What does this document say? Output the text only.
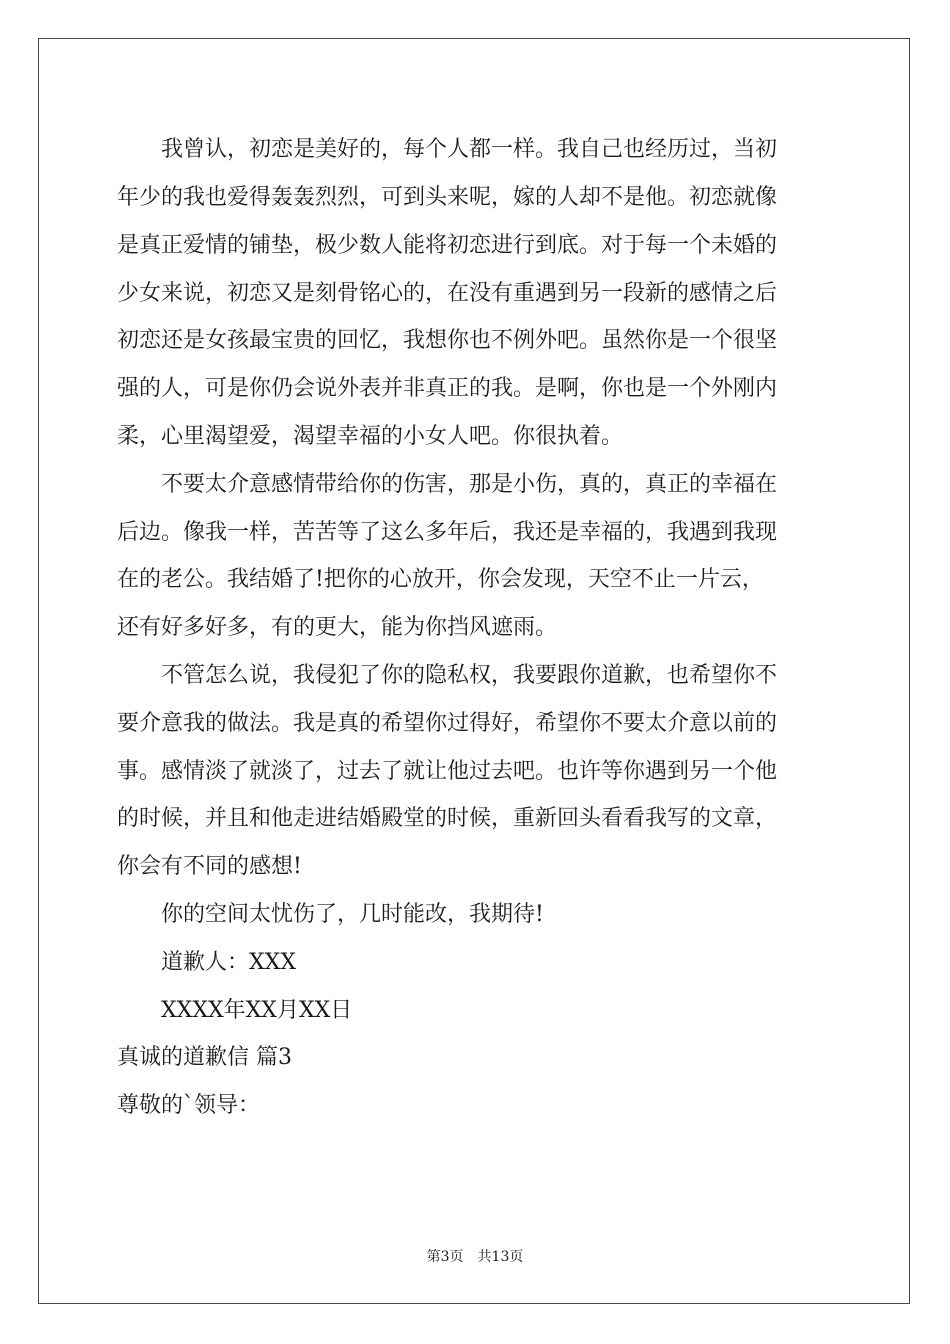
　　我曾认，初恋是美好的，每个人都一样。我自己也经历过，当初
年少的我也爱得轰轰烈烈，可到头来呢，嫁的人却不是他。初恋就像
是真正爱情的铺垫，极少数人能将初恋进行到底。对于每一个未婚的
少女来说，初恋又是刻骨铭心的，在没有重遇到另一段新的感情之后
初恋还是女孩最宝贵的回忆，我想你也不例外吧。虽然你是一个很坚
强的人，可是你仍会说外表并非真正的我。是啊，你也是一个外刚内
柔，心里渴望爱，渴望幸福的小女人吧。你很执着。
　　不要太介意感情带给你的伤害，那是小伤，真的，真正的幸福在
后边。像我一样，苦苦等了这么多年后，我还是幸福的，我遇到我现
在的老公。我结婚了!把你的心放开，你会发现，天空不止一片云，
还有好多好多，有的更大，能为你挡风遮雨。
　　不管怎么说，我侵犯了你的隐私权，我要跟你道歉，也希望你不
要介意我的做法。我是真的希望你过得好，希望你不要太介意以前的
事。感情淡了就淡了，过去了就让他过去吧。也许等你遇到另一个他
的时候，并且和他走进结婚殿堂的时候，重新回头看看我写的文章，
你会有不同的感想!
　　你的空间太忧伤了，几时能改，我期待!
　　道歉人：XXX
　　XXXX年XX月XX日
真诚的道歉信 篇3
尊敬的`领导：
第3页 共13页
